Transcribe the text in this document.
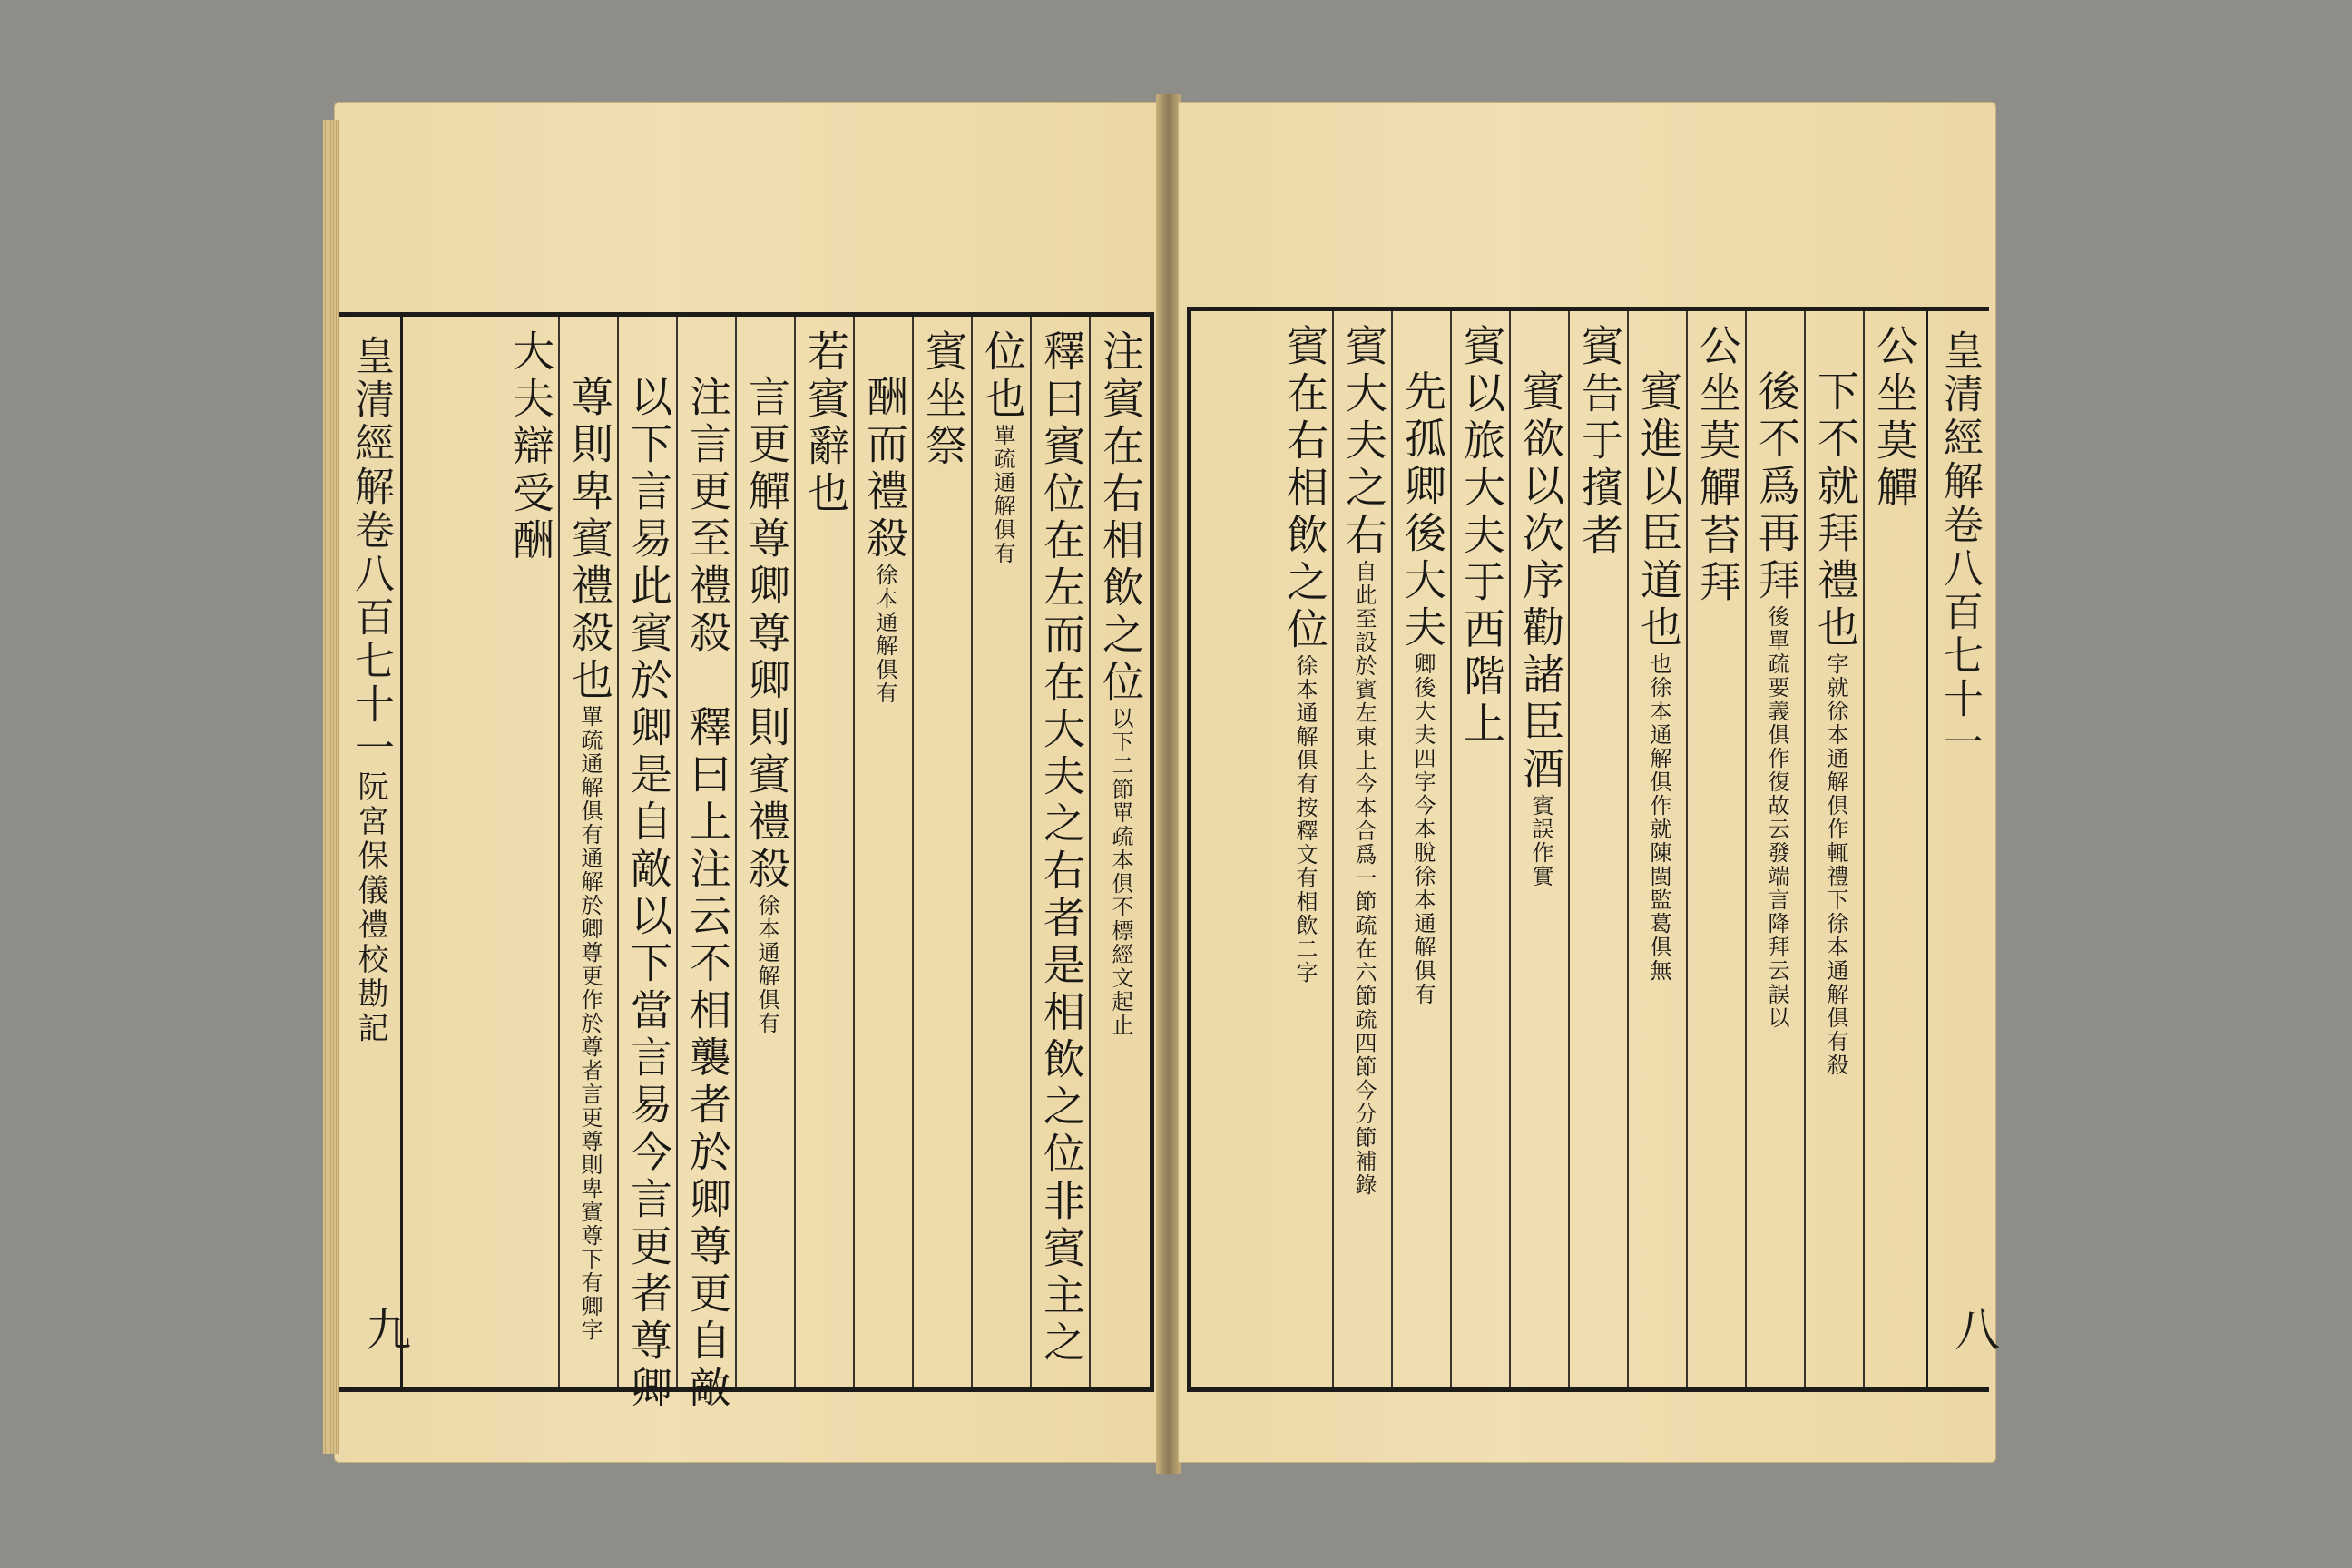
皇清經解卷八百七十一阮宮保儀禮校勘記
九
注賓在右相飲之位以下二節單疏本俱不標經文起止
釋曰賓位在左而在大夫之右者是相飲之位非賓主之
位也單疏通解俱有
賓坐祭
酬而禮殺徐本通解俱有
若賓辭也
言更觶尊卿尊卿則賓禮殺徐本通解俱有
注言更至禮殺　釋曰上注云不相襲者於卿尊更自敵
以下言易此賓於卿是自敵以下當言易今言更者尊卿
尊則卑賓禮殺也單疏通解俱有通解於卿尊更作於尊者言更尊則卑賓尊下有卿字
大夫辯受酬	皇清經解卷八百七十一
八
公坐莫觶
下不就拜禮也字就徐本通解俱作輒禮下徐本通解俱有殺
後不爲再拜後單疏要義俱作復故云發端言降拜云誤以
公坐莫觶苔拜
賓進以臣道也也徐本通解俱作就陳閩監葛俱無
賓告于擯者
賓欲以次序勸諸臣酒賓誤作實
賓以旅大夫于西階上
先孤卿後大夫卿後大夫四字今本脫徐本通解俱有
賓大夫之右自此至設於賓左東上今本合爲一節疏在六節疏四節今分節補錄
賓在右相飲之位徐本通解俱有按釋文有相飲二字
